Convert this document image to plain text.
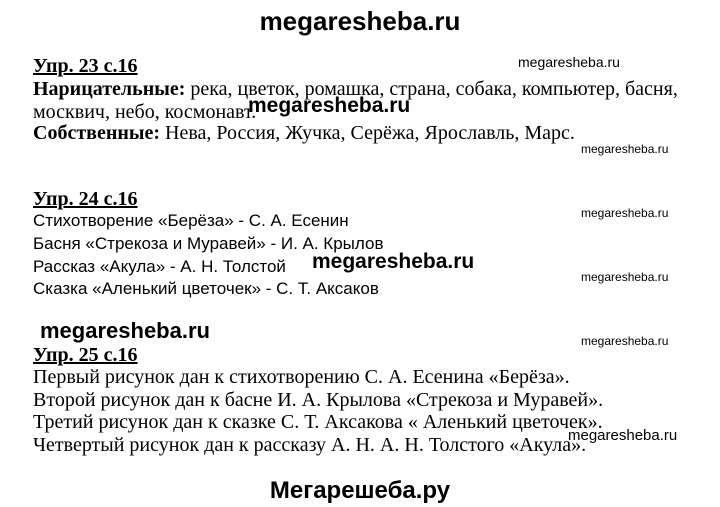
megaresheba.ru
Упр. 23 с.16	megaresheba.ru
Нарицательные: река, цветок, ромашка, страна, собака, компьютер, басня,
москвич, небо, космонавт.
megaresheba.ru
Собственные: Нева, Россия, Жучка, Серёжа, Ярославль, Марс.
megaresheba.ru
Упр. 24 с.16
Стихотворение «Берёза» - С. А. Есенин	megaresheba.ru
Басня «Стрекоза и Муравей» - И. А. Крылов
Рассказ «Акула» - А. Н. Толстой megaresheba.ru
megaresheba.ru
Сказка «Аленький цветочек» - С. Т. Аксаков
megaresheba.ru	megaresheba.ru
Упр. 25 с.16
Первый рисунок дан к стихотворению С. А. Есенина «Берёза».
Второй рисунок дан к басне И. А. Крылова «Стрекоза и Муравей».
Третий рисунок дан к сказке С. Т. Аксакова « Аленький цветочек».
Четвертый рисунок дан к рассказу А. Н. А. Н. Толстого «Акула».
megaresheba.ru
Мегарешеба.ру
